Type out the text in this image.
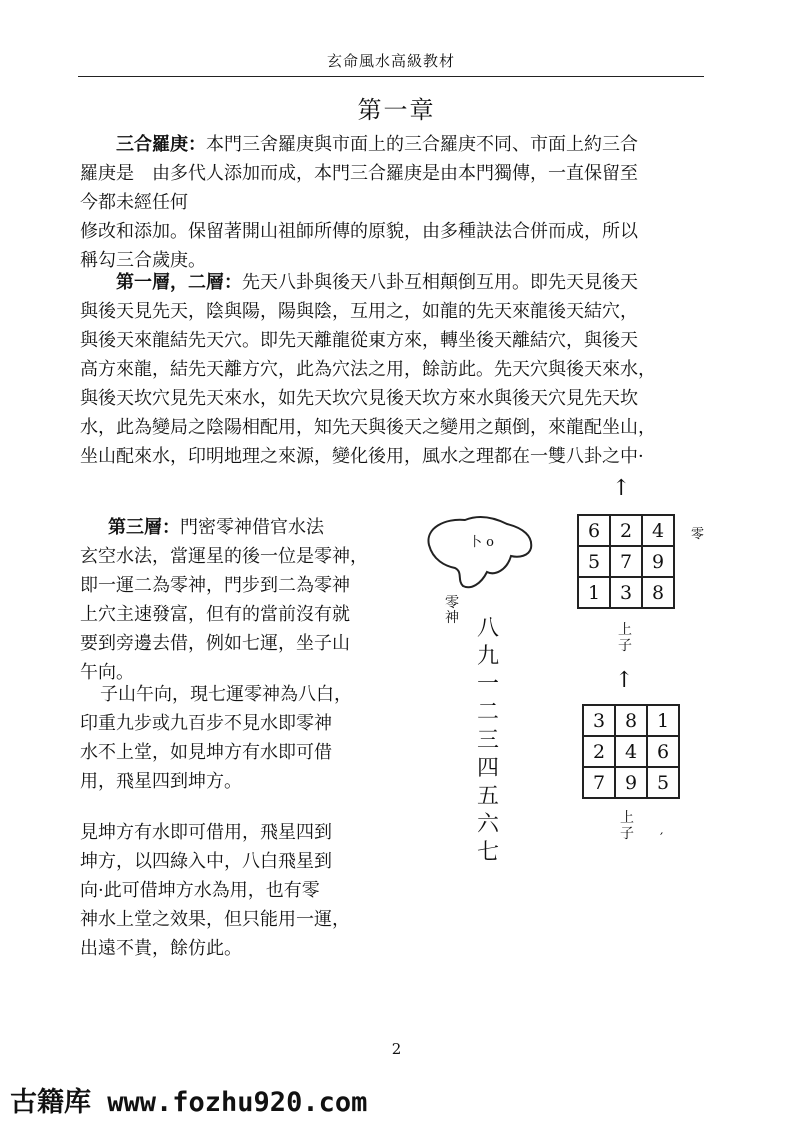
玄命風水高級教材
第一章
三合羅庚：本門三舍羅庚與市面上的三合羅庚不同、市面上約三合
羅庚是　由多代人添加而成，本門三合羅庚是由本門獨傳，一直保留至
今都未經任何
修改和添加。保留著開山祖師所傳的原貌，由多種訣法合併而成，所以
稱勾三合歲庚。
第一層，二層：先天八卦與後天八卦互相顛倒互用。即先天見後天
與後天見先天，陰與陽，陽與陰，互用之，如龍的先天來龍後天結穴，
與後天來龍結先天穴。即先天離龍從東方來，轉坐後天離結穴，與後天
高方來龍，結先天離方穴，此為穴法之用，餘訪此。先天穴與後天來水，
與後天坎穴見先天來水，如先天坎穴見後天坎方來水與後天穴見先天坎
水，此為變局之陰陽相配用，知先天與後天之變用之顛倒，來龍配坐山，
坐山配來水，印明地理之來源，變化後用，風水之理都在一雙八卦之中·
第三層：門密零神借官水法
玄空水法，當運星的後一位是零神，
即一運二為零神，門步到二為零神
上穴主速發富，但有的當前沒有就
要到旁邊去借，例如七運，坐子山
午向。
子山午向，現七運零神為八白，
印重九步或九百步不見水即零神
水不上堂，如見坤方有水即可借
用，飛星四到坤方。
見坤方有水即可借用，飛星四到
坤方，以四綠入中，八白飛星到
向·此可借坤方水為用，也有零
神水上堂之效果，但只能用一運，
出遠不貴，餘仿此。
卜 o
零神 八九一二三四五六七
↑
零
6	2	4
5	7	9
1	3	8
上子
↑
3	8	1
2	4	6
7	9	5
上子 ′
2
古籍库 www.fozhu920.com
